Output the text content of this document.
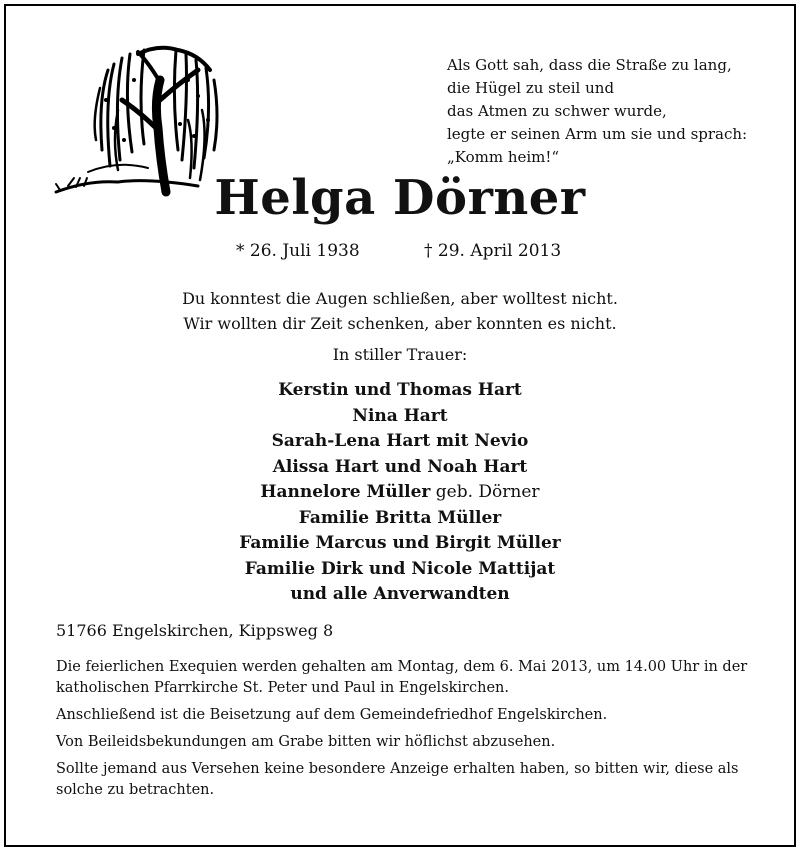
Als Gott sah, dass die Straße zu lang,
die Hügel zu steil und
das Atmen zu schwer wurde,
legte er seinen Arm um sie und sprach:
„Komm heim!“
Helga Dörner
* 26. Juli 1938	† 29. April 2013
Du konntest die Augen schließen, aber wolltest nicht.
Wir wollten dir Zeit schenken, aber konnten es nicht.
In stiller Trauer:
Kerstin und Thomas Hart
Nina Hart
Sarah-Lena Hart mit Nevio
Alissa Hart und Noah Hart
Hannelore Müller geb. Dörner
Familie Britta Müller
Familie Marcus und Birgit Müller
Familie Dirk und Nicole Mattijat
und alle Anverwandten
51766 Engelskirchen, Kippsweg 8

Die feierlichen Exequien werden gehalten am Montag, dem 6. Mai 2013, um 14.00 Uhr in der katholischen Pfarrkirche St. Peter und Paul in Engelskirchen.

Anschließend ist die Beisetzung auf dem Gemeindefriedhof Engelskirchen.

Von Beileidsbekundungen am Grabe bitten wir höflichst abzusehen.

Sollte jemand aus Versehen keine besondere Anzeige erhalten haben, so bitten wir, diese als solche zu betrachten.
